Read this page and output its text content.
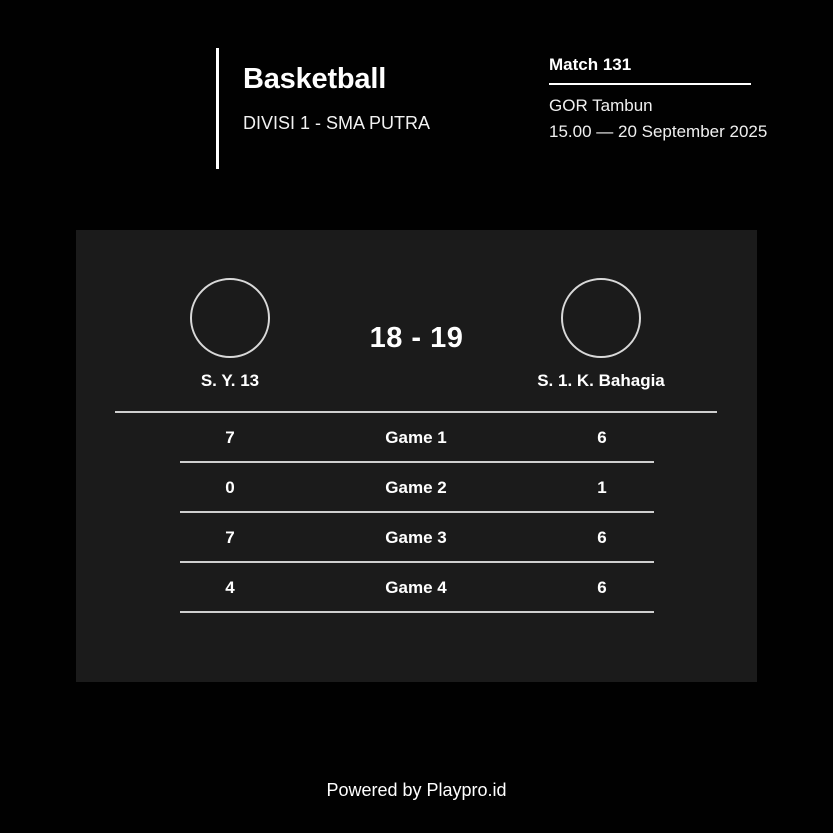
Basketball
DIVISI 1 - SMA PUTRA
Match 131
GOR Tambun
15.00 — 20 September 2025
S. Y. 13
18 - 19
S. 1. K. Bahagia
7	Game 1	6
0	Game 2	1
7	Game 3	6
4	Game 4	6
Powered by Playpro.id
